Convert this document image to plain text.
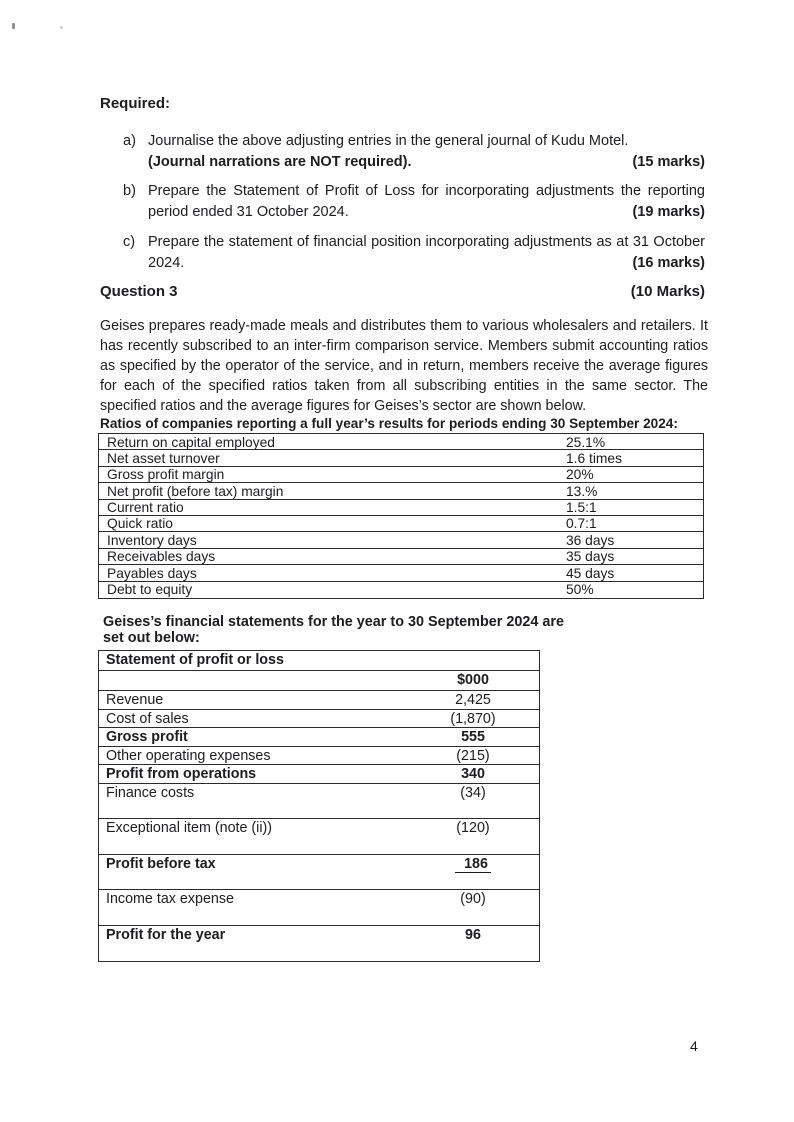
Required:
a) Journalise the above adjusting entries in the general journal of Kudu Motel.
(Journal narrations are NOT required).	(15 marks)
b) Prepare the Statement of Profit of Loss for incorporating adjustments the reporting period ended 31 October 2024.	(19 marks)
c) Prepare the statement of financial position incorporating adjustments as at 31 October 2024.	(16 marks)
Question 3	(10 Marks)
Geises prepares ready-made meals and distributes them to various wholesalers and retailers. It has recently subscribed to an inter-firm comparison service. Members submit accounting ratios as specified by the operator of the service, and in return, members receive the average figures for each of the specified ratios taken from all subscribing entities in the same sector. The specified ratios and the average figures for Geises’s sector are shown below.
Ratios of companies reporting a full year’s results for periods ending 30 September 2024:
Return on capital employed	25.1%
Net asset turnover	1.6 times
Gross profit margin	20%
Net profit (before tax) margin	13.%
Current ratio	1.5:1
Quick ratio	0.7:1
Inventory days	36 days
Receivables days	35 days
Payables days	45 days
Debt to equity	50%
Geises’s financial statements for the year to 30 September 2024 are set out below:
Statement of profit or loss
$000
Revenue	2,425
Cost of sales	(1,870)
Gross profit	555
Other operating expenses	(215)
Profit from operations	340
Finance costs	(34)
Exceptional item (note (ii))	(120)
Profit before tax	186
Income tax expense	(90)
Profit for the year	96
4
